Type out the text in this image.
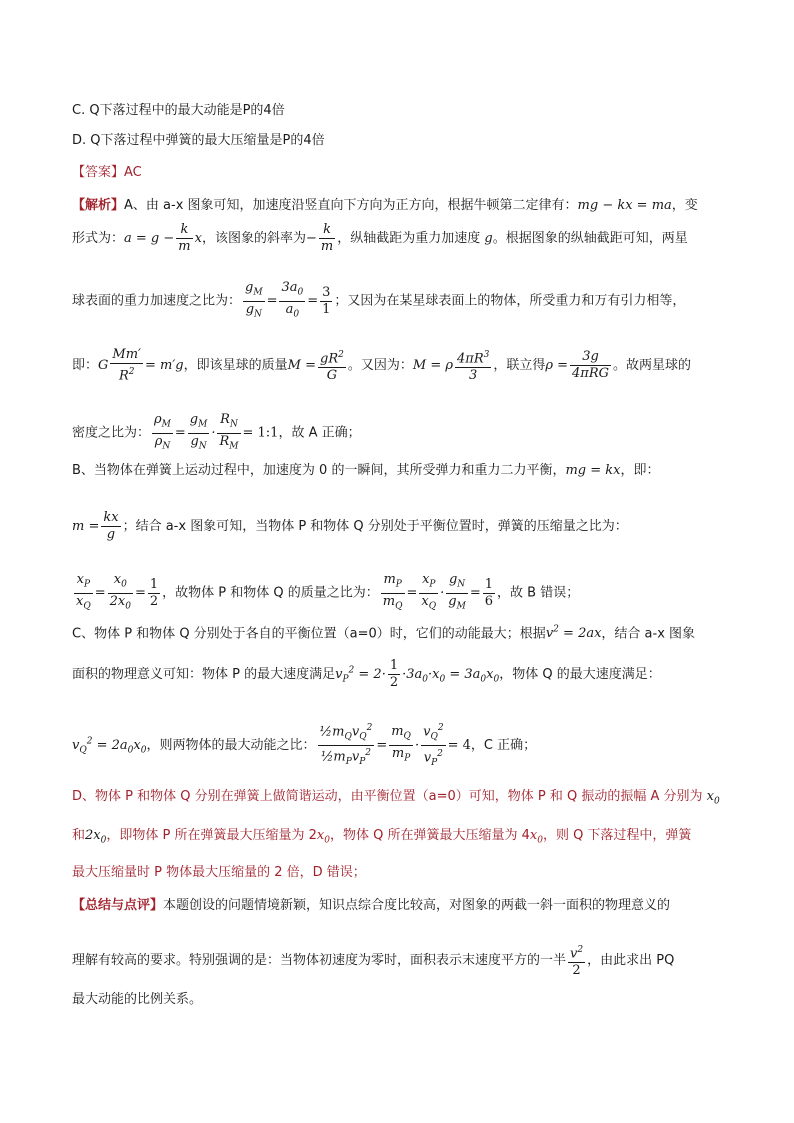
C. Q下落过程中的最大动能是P的4倍
D. Q下落过程中弹簧的最大压缩量是P的4倍
【答案】AC
【解析】A、由 a-x 图象可知，加速度沿竖直向下方向为正方向，根据牛顿第二定律有：mg − kx = ma，变
形式为：$a = g - \frac{k}{m}$ x，该图象的斜率为− $\frac{k}{m}$ ，纵轴截距为重力加速度 g。根据图象的纵轴截距可知，两星
球表面的重力加速度之比为： $\frac{g_M}{g_N} = \frac{3a_0}{a_0} = \frac{3}{1}$ ；又因为在某星球表面上的物体，所受重力和万有引力相等，
即：G $\frac{Mm'}{R^2} = m'g$，即该星球的质量$M = \frac{gR^2}{G}$ 。又因为：M = ρ $\frac{4\pi R^3}{3}$ ，联立得ρ =
3g
4πRG
。故两星球的
密度之比为： $\frac{\rho_M}{\rho_N} = \frac{g_M}{g_N} \cdot \frac{R_N}{R_M}$ = 1:1，故 A 正确；
B、当物体在弹簧上运动过程中，加速度为 0 的一瞬间，其所受弹力和重力二力平衡，mg = kx，即：
$m = \frac{kx}{g}$ ；结合 a-x 图象可知，当物体 P 和物体 Q 分别处于平衡位置时，弹簧的压缩量之比为：
$\frac{x_P}{x_Q} = \frac{x_0}{2x_0} = \frac{1}{2}$ ，故物体 P 和物体 Q 的质量之比为： $\frac{m_P}{m_Q} = \frac{x_P}{x_Q} \cdot \frac{g_N}{g_M} = \frac{1}{6}$ ，故 B 错误；
C、物体 P 和物体 Q 分别处于各自的平衡位置（a=0）时，它们的动能最大；根据$v^2 = 2ax$，结合 a-x 图象
面积的物理意义可知：物体 P 的最大速度满足$v_P^2 = 2\cdot \frac{1}{2} \cdot 3a_0\cdot x_0 = 3a_0x_0$，物体 Q 的最大速度满足：
$v_Q^2 = 2a_0x_0$，则两物体的最大动能之比：
$\frac{1}{2}m_Qv_Q^2$
$\frac{1}{2}m_Pv_P^2 = \frac{m_Q}{m_P} \cdot \frac{v_Q^2}{v_P^2} = 4$，C 正确；
D、物体 P 和物体 Q 分别在弹簧上做简谐运动，由平衡位置（a=0）可知，物体 P 和 Q 振动的振幅 A 分别为 $x_0$
和$2x_0$，即物体 P 所在弹簧最大压缩量为 $2x_0$，物体 Q 所在弹簧最大压缩量为 $4x_0$，则 Q 下落过程中，弹簧
最大压缩量时 P 物体最大压缩量的 2 倍，D 错误；
【总结与点评】本题创设的问题情境新颖，知识点综合度比较高，对图象的两截一斜一面积的物理意义的
理解有较高的要求。特别强调的是：当物体初速度为零时，面积表示末速度平方的一半 $\frac{v^2}{2}$ ，由此求出 PQ
最大动能的比例关系。
